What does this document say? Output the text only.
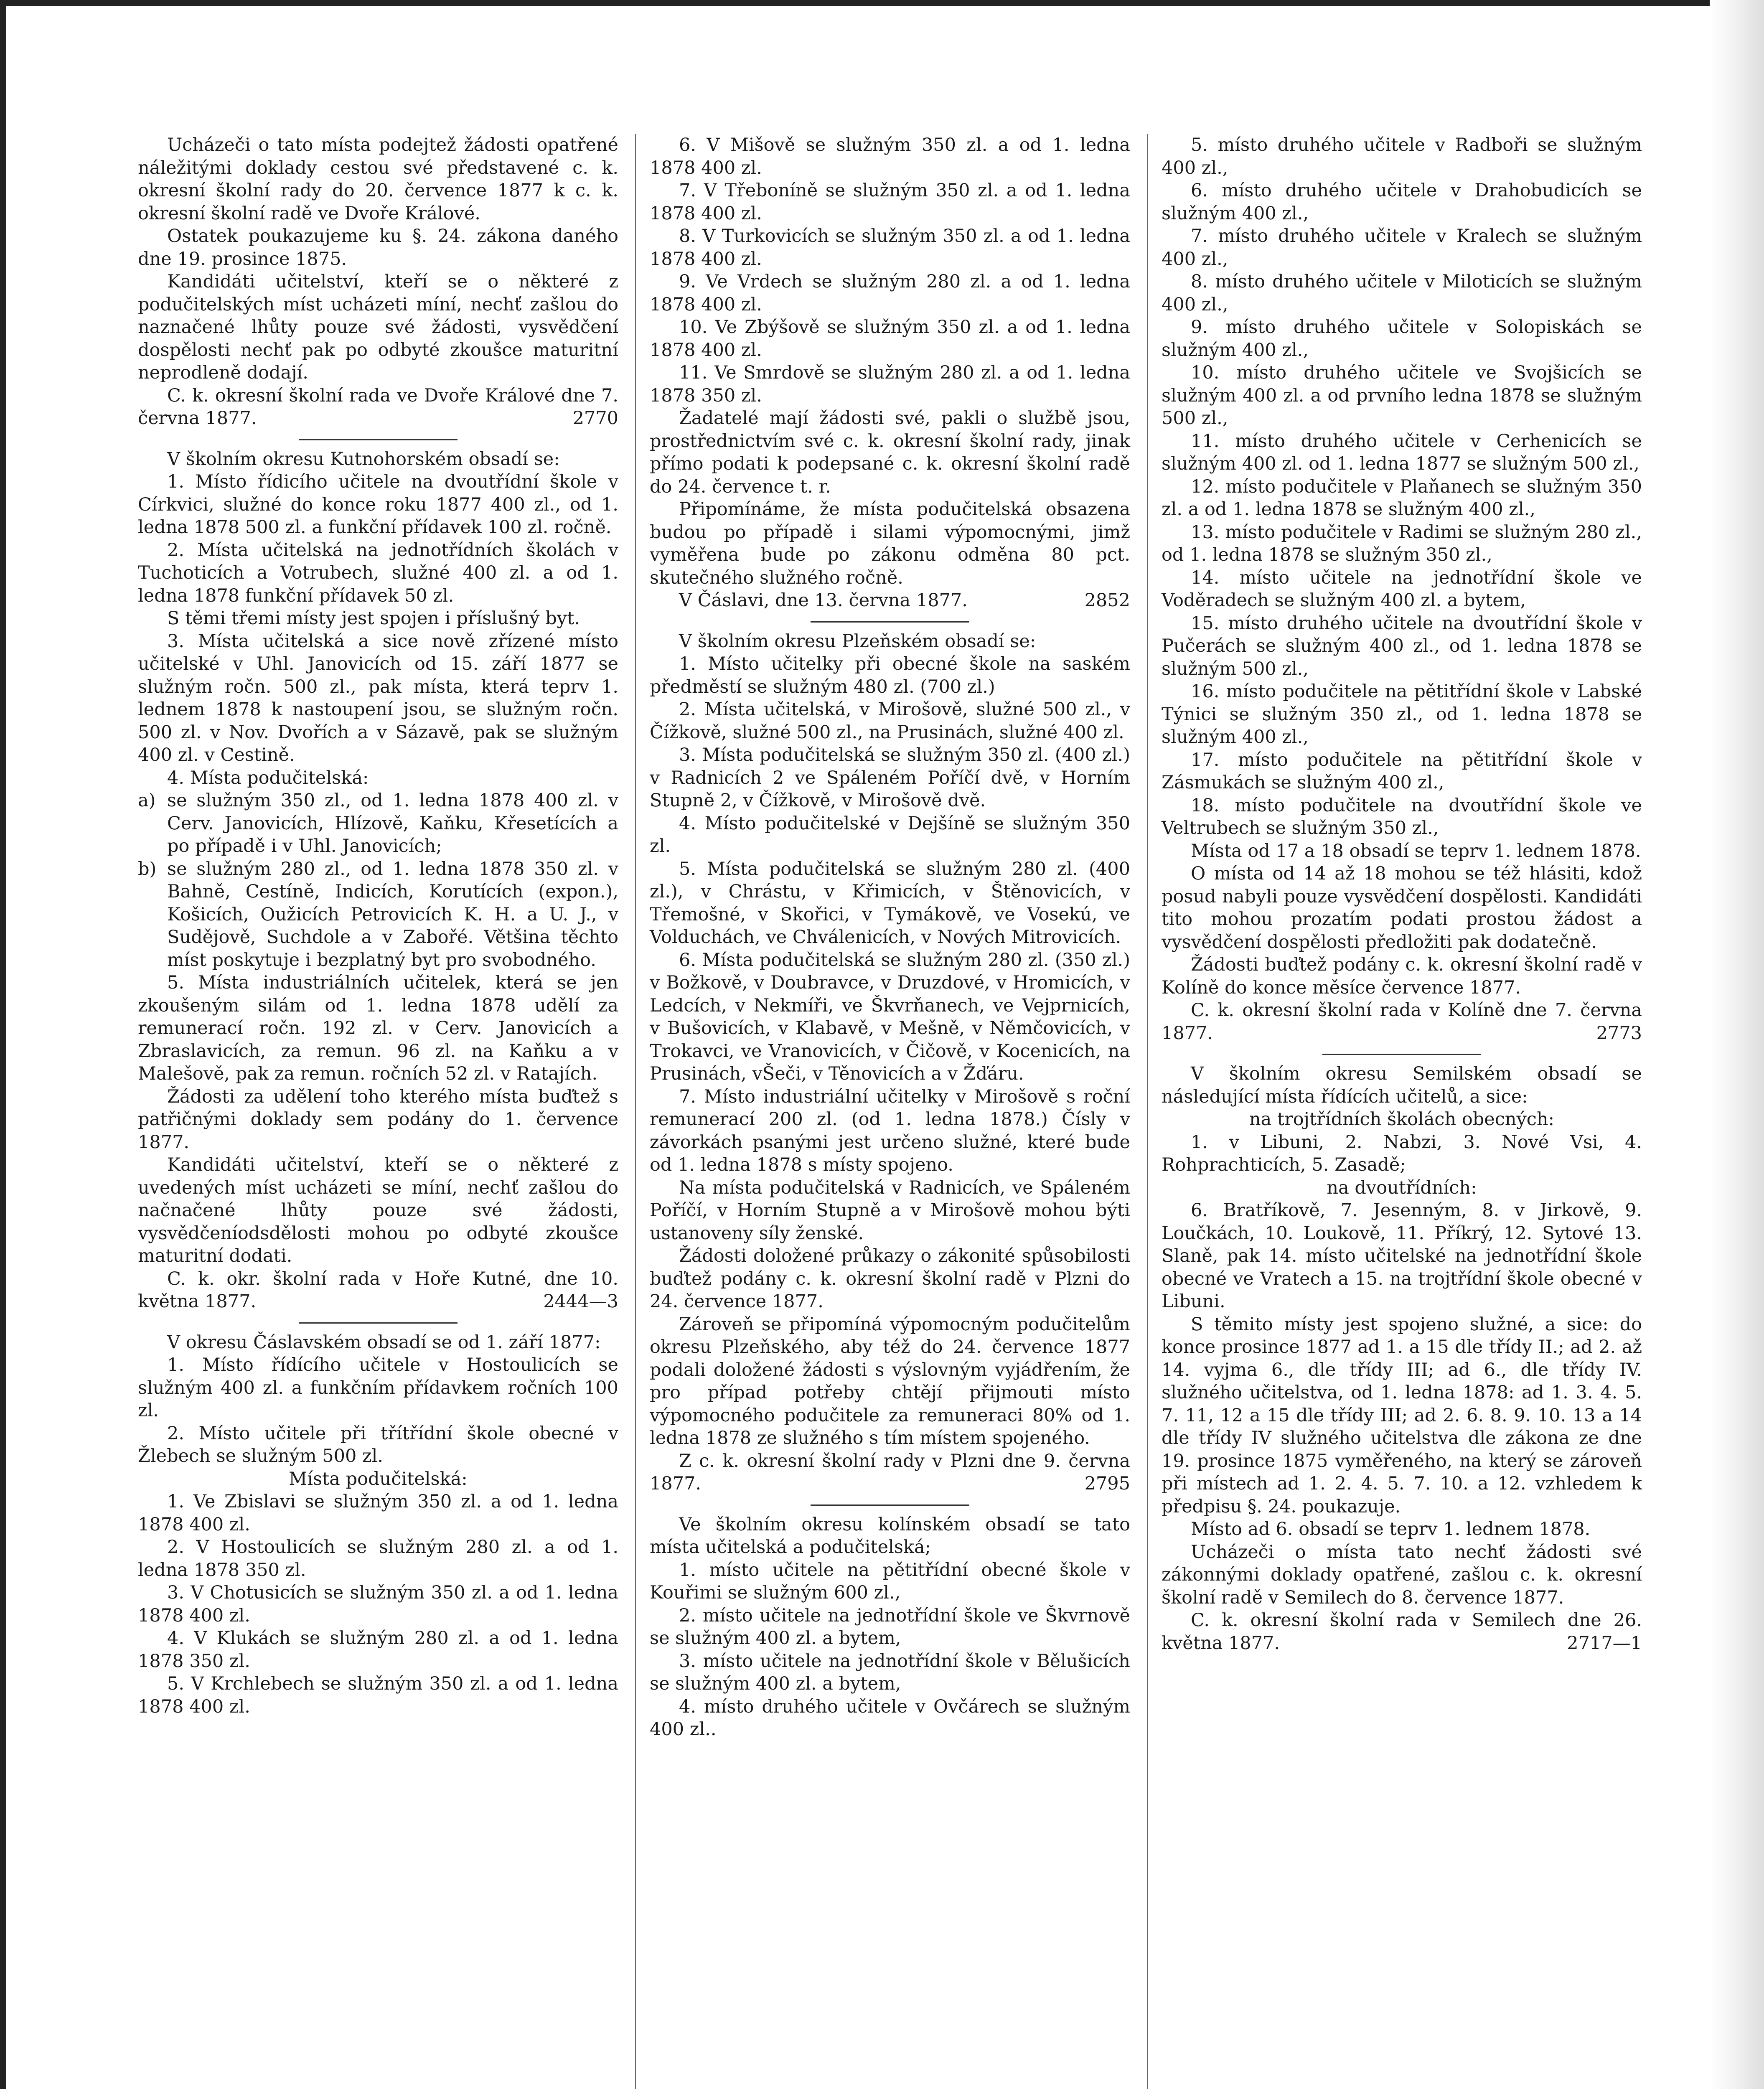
Ucházeči o tato místa podejtež žádosti opatřené náležitými doklady cestou své představené c. k. okresní školní rady do 20. července 1877 k c. k. okresní školní radě ve Dvoře Králové.

Ostatek poukazujeme ku §. 24. zákona daného dne 19. prosince 1875.

Kandidáti učitelství, kteří se o některé z podučitelských míst ucházeti míní, nechť zašlou do naznačené lhůty pouze své žádosti, vysvědčení dospělosti nechť pak po odbyté zkoušce maturitní neprodleně dodají.

C. k. okresní školní rada ve Dvoře Králové dne 7. června 1877.	2770

V školním okresu Kutnohorském obsadí se:

1. Místo řídicího učitele na dvoutřídní škole v Církvici, služné do konce roku 1877 400 zl., od 1. ledna 1878 500 zl. a funkční přídavek 100 zl. ročně.

2. Místa učitelská na jednotřídních školách v Tuchoticích a Votrubech, služné 400 zl. a od 1. ledna 1878 funkční přídavek 50 zl.

S těmi třemi místy jest spojen i příslušný byt.

3. Místa učitelská a sice nově zřízené místo učitelské v Uhl. Janovicích od 15. září 1877 se služným ročn. 500 zl., pak místa, která teprv 1. lednem 1878 k nastoupení jsou, se služným ročn. 500 zl. v Nov. Dvořích a v Sázavě, pak se služným 400 zl. v Cestině.

4. Místa podučitelská:

a) se služným 350 zl., od 1. ledna 1878 400 zl. v Cerv. Janovicích, Hlízově, Kaňku, Křesetících a po případě i v Uhl. Janovicích;
b) se služným 280 zl., od 1. ledna 1878 350 zl. v Bahně, Cestíně, Indicích, Korutících (expon.), Košicích, Oužicích Petrovicích K. H. a U. J., v Sudějově, Suchdole a v Zabořé. Většina těchto míst poskytuje i bezplatný byt pro svobodného.

5. Místa industriálních učitelek, která se jen zkoušeným silám od 1. ledna 1878 udělí za remunerací ročn. 192 zl. v Cerv. Janovicích a Zbraslavicích, za remun. 96 zl. na Kaňku a v Malešově, pak za remun. ročních 52 zl. v Ratajích.

Žádosti za udělení toho kterého místa buďtež s patřičnými doklady sem podány do 1. července 1877.

Kandidáti učitelství, kteří se o některé z uvedených míst ucházeti se míní, nechť zašlou do načnačené lhůty pouze své žádosti, vysvědčeníodsdělosti mohou po odbyté zkoušce maturitní dodati.

C. k. okr. školní rada v Hoře Kutné, dne 10. května 1877.	2444—3

V okresu Čáslavském obsadí se od 1. září 1877:

1. Místo řídícího učitele v Hostoulicích se služným 400 zl. a funkčním přídavkem ročních 100 zl.

2. Místo učitele při třítřídní škole obecné v Žlebech se služným 500 zl.

Místa podučitelská:

1. Ve Zbislavi se služným 350 zl. a od 1. ledna 1878 400 zl.

2. V Hostoulicích se služným 280 zl. a od 1. ledna 1878 350 zl.

3. V Chotusicích se služným 350 zl. a od 1. ledna 1878 400 zl.

4. V Klukách se služným 280 zl. a od 1. ledna 1878 350 zl.

5. V Krchlebech se služným 350 zl. a od 1. ledna 1878 400 zl.

6. V Mišově se služným 350 zl. a od 1. ledna 1878 400 zl.

7. V Třeboníně se služným 350 zl. a od 1. ledna 1878 400 zl.

8. V Turkovicích se služným 350 zl. a od 1. ledna 1878 400 zl.

9. Ve Vrdech se služným 280 zl. a od 1. ledna 1878 400 zl.

10. Ve Zbýšově se služným 350 zl. a od 1. ledna 1878 400 zl.

11. Ve Smrdově se služným 280 zl. a od 1. ledna 1878 350 zl.

Žadatelé mají žádosti své, pakli o službě jsou, prostřednictvím své c. k. okresní školní rady, jinak přímo podati k podepsané c. k. okresní školní radě do 24. července t. r.

Připomínáme, že místa podučitelská obsazena budou po případě i silami výpomocnými, jimž vyměřena bude po zákonu odměna 80 pct. skutečného služného ročně.

V Čáslavi, dne 13. června 1877.	2852

V školním okresu Plzeňském obsadí se:

1. Místo učitelky při obecné škole na saském předměstí se služným 480 zl. (700 zl.)

2. Místa učitelská, v Mirošově, služné 500 zl., v Čížkově, služné 500 zl., na Prusinách, služné 400 zl.

3. Místa podučitelská se služným 350 zl. (400 zl.) v Radnicích 2 ve Spáleném Poříčí dvě, v Horním Stupně 2, v Čížkově, v Mirošově dvě.

4. Místo podučitelské v Dejšíně se služným 350 zl.

5. Místa podučitelská se služným 280 zl. (400 zl.), v Chrástu, v Křimicích, v Štěnovicích, v Třemošné, v Skořici, v Tymákově, ve Vosekú, ve Volduchách, ve Chválenicích, v Nových Mitrovicích.

6. Místa podučitelská se služným 280 zl. (350 zl.) v Božkově, v Doubravce, v Druzdové, v Hromicích, v Ledcích, v Nekmíři, ve Škvrňanech, ve Vejprnicích, v Bušovicích, v Klabavě, v Mešně, v Němčovicích, v Trokavci, ve Vranovicích, v Čičově, v Kocenicích, na Prusinách, vŠeči, v Těnovicích a v Žďáru.

7. Místo industriální učitelky v Mirošově s roční remunerací 200 zl. (od 1. ledna 1878.) Čísly v závorkách psanými jest určeno služné, které bude od 1. ledna 1878 s místy spojeno.

Na místa podučitelská v Radnicích, ve Spáleném Poříčí, v Horním Stupně a v Mirošově mohou býti ustanoveny síly ženské.

Žádosti doložené průkazy o zákonité spůsobilosti buďtež podány c. k. okresní školní radě v Plzni do 24. července 1877.

Zároveň se připomíná výpomocným podučitelům okresu Plzeňského, aby též do 24. července 1877 podali doložené žádosti s výslovným vyjádřením, že pro případ potřeby chtějí přijmouti místo výpomocného podučitele za remuneraci 80% od 1. ledna 1878 ze služného s tím místem spojeného.

Z c. k. okresní školní rady v Plzni dne 9. června 1877.	2795

Ve školním okresu kolínském obsadí se tato místa učitelská a podučitelská;

1. místo učitele na pětitřídní obecné škole v Kouřimi se služným 600 zl.,

2. místo učitele na jednotřídní škole ve Škvrnově se služným 400 zl. a bytem,

3. místo učitele na jednotřídní škole v Bělušicích se služným 400 zl. a bytem,

4. místo druhého učitele v Ovčárech se služným 400 zl..

5. místo druhého učitele v Radboři se služným 400 zl.,

6. místo druhého učitele v Drahobudicích se služným 400 zl.,

7. místo druhého učitele v Kralech se služným 400 zl.,

8. místo druhého učitele v Miloticích se služným 400 zl.,

9. místo druhého učitele v Solopiskách se služným 400 zl.,

10. místo druhého učitele ve Svojšicích se služným 400 zl. a od prvního ledna 1878 se služným 500 zl.,

11. místo druhého učitele v Cerhenicích se služným 400 zl. od 1. ledna 1877 se služným 500 zl.,

12. místo podučitele v Plaňanech se služným 350 zl. a od 1. ledna 1878 se služným 400 zl.,

13. místo podučitele v Radimi se služným 280 zl., od 1. ledna 1878 se služným 350 zl.,

14. místo učitele na jednotřídní škole ve Voděradech se služným 400 zl. a bytem,

15. místo druhého učitele na dvoutřídní škole v Pučerách se služným 400 zl., od 1. ledna 1878 se služným 500 zl.,

16. místo podučitele na pětitřídní škole v Labské Týnici se služným 350 zl., od 1. ledna 1878 se služným 400 zl.,

17. místo podučitele na pětitřídní škole v Zásmukách se služným 400 zl.,

18. místo podučitele na dvoutřídní škole ve Veltrubech se služným 350 zl.,

Místa od 17 a 18 obsadí se teprv 1. lednem 1878.

O místa od 14 až 18 mohou se též hlásiti, kdož posud nabyli pouze vysvědčení dospělosti. Kandidáti tito mohou prozatím podati prostou žádost a vysvědčení dospělosti předložiti pak dodatečně.

Žádosti buďtež podány c. k. okresní školní radě v Kolíně do konce měsíce července 1877.

C. k. okresní školní rada v Kolíně dne 7. června 1877.	2773

V školním okresu Semilském obsadí se následující místa řídících učitelů, a sice:

na trojtřídních školách obecných:

1. v Libuni, 2. Nabzi, 3. Nové Vsi, 4. Rohprachticích, 5. Zasadě;

na dvoutřídních:

6. Bratříkově, 7. Jesenným, 8. v Jirkově, 9. Loučkách, 10. Loukově, 11. Příkrý, 12. Sytové 13. Slaně, pak 14. místo učitelské na jednotřídní škole obecné ve Vratech a 15. na trojtřídní škole obecné v Libuni.

S těmito místy jest spojeno služné, a sice: do konce prosince 1877 ad 1. a 15 dle třídy II.; ad 2. až 14. vyjma 6., dle třídy III; ad 6., dle třídy IV. služného učitelstva, od 1. ledna 1878: ad 1. 3. 4. 5. 7. 11, 12 a 15 dle třídy III; ad 2. 6. 8. 9. 10. 13 a 14 dle třídy IV služného učitelstva dle zákona ze dne 19. prosince 1875 vyměřeného, na který se zároveň při místech ad 1. 2. 4. 5. 7. 10. a 12. vzhledem k předpisu §. 24. poukazuje.

Místo ad 6. obsadí se teprv 1. lednem 1878.

Ucházeči o místa tato nechť žádosti své zákonnými doklady opatřené, zašlou c. k. okresní školní radě v Semilech do 8. července 1877.

C. k. okresní školní rada v Semilech dne 26. května 1877.	2717—1
